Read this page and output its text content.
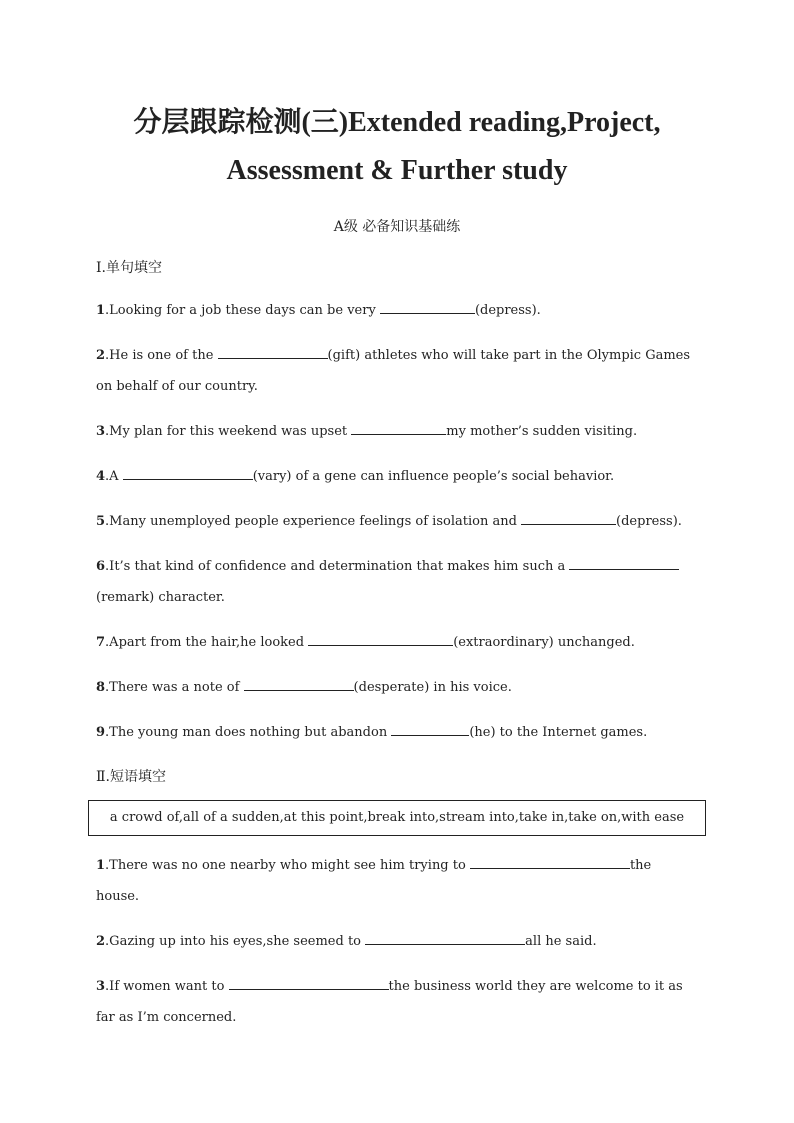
分层跟踪检测(三)Extended reading,Project,
Assessment & Further study
A级 必备知识基础练
Ⅰ.单句填空
1.Looking for a job these days can be very	(depress).
2.He is one of the	(gift) athletes who will take part in the Olympic Games on behalf of our country.
3.My plan for this weekend was upset	my mother’s sudden visiting.
4.A	(vary) of a gene can influence people’s social behavior.
5.Many unemployed people experience feelings of isolation and	(depress).
6.It’s that kind of confidence and determination that makes him such a (remark) character.
7.Apart from the hair,he looked	(extraordinary) unchanged.
8.There was a note of	(desperate) in his voice.
9.The young man does nothing but abandon	(he) to the Internet games.
Ⅱ.短语填空
a crowd of,all of a sudden,at this point,break into,stream into,take in,take on,with ease
1.There was no one nearby who might see him trying to	the house.
2.Gazing up into his eyes,she seemed to	all he said.
3.If women want to	the business world they are welcome to it as far as I’m concerned.
